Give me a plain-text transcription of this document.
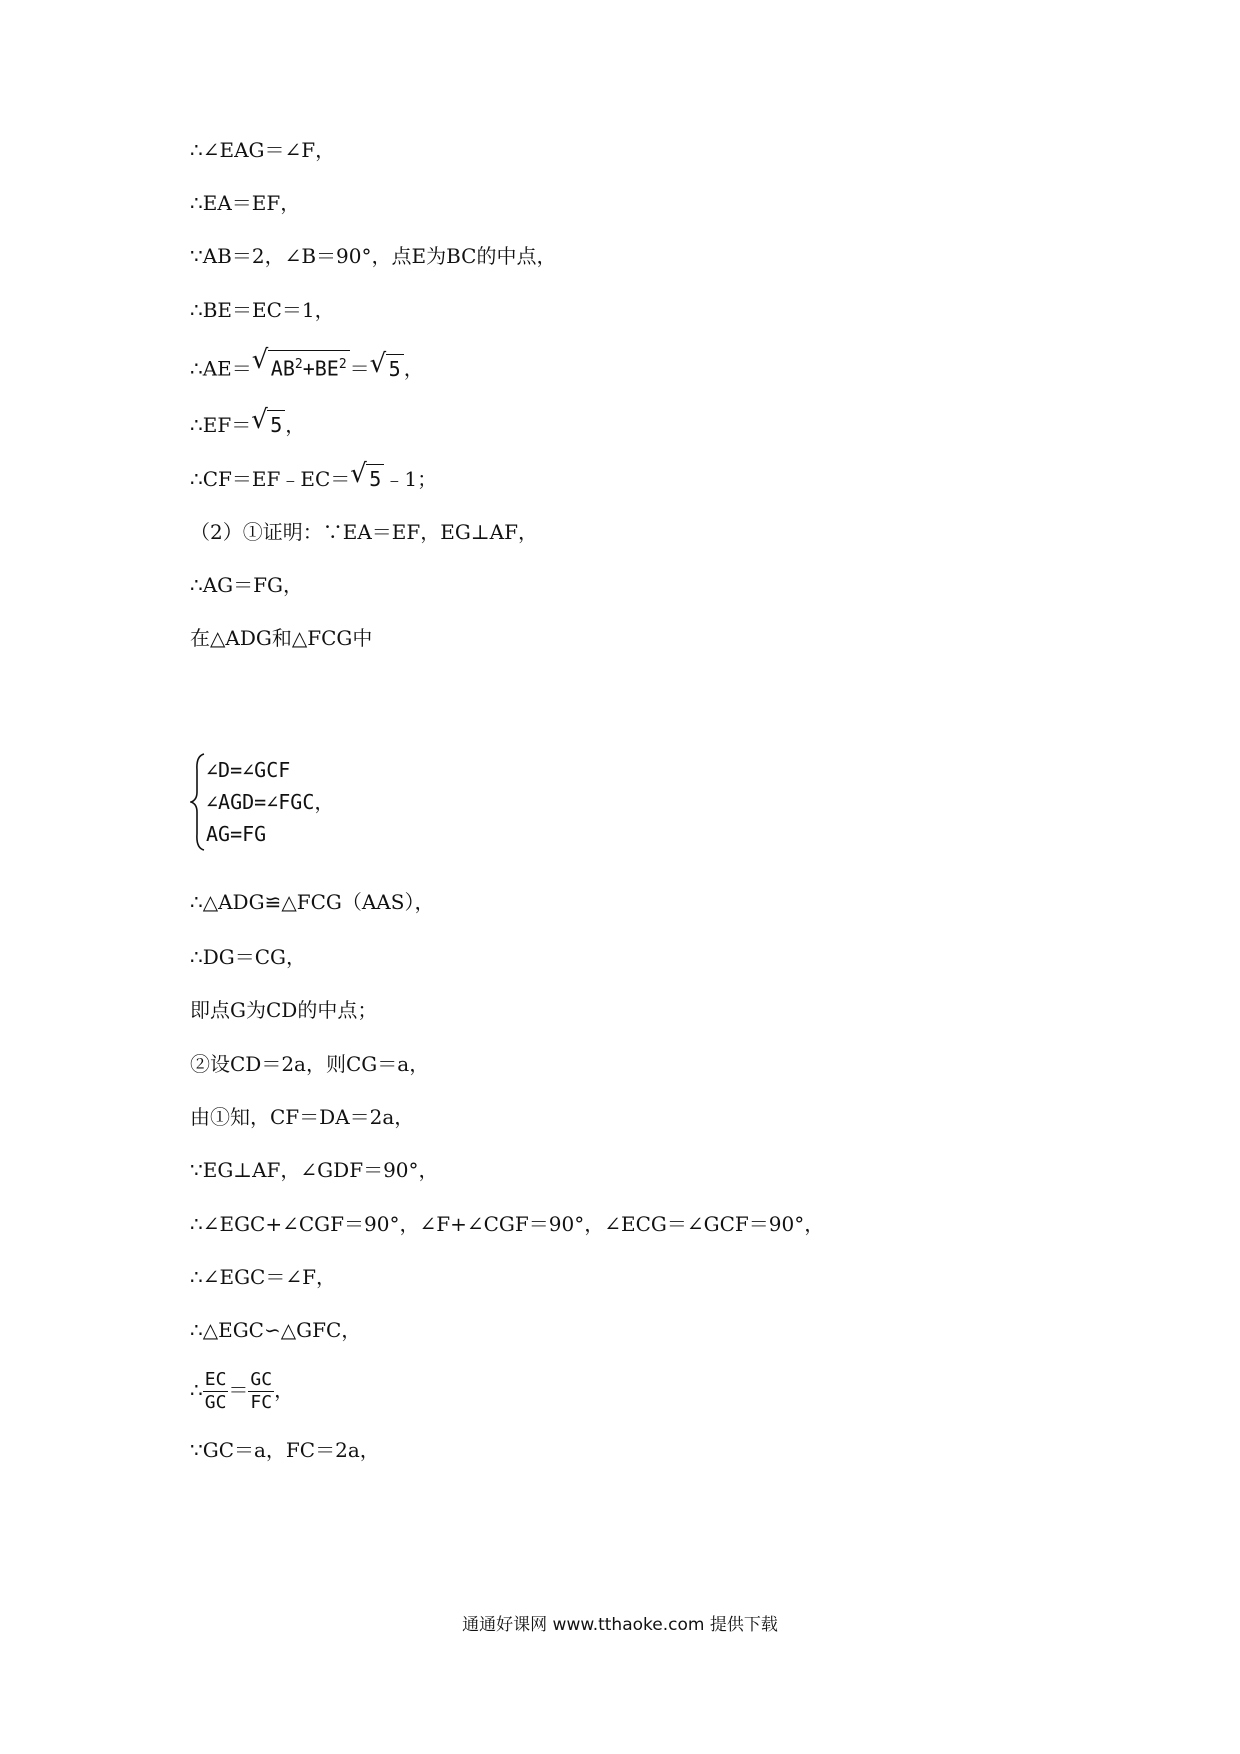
∴∠EAG＝∠F，
∴EA＝EF，
∵AB＝2，∠B＝90°，点E为BC的中点，
∴BE＝EC＝1，
∴AE＝ √ $AB^2+BE^2$ ＝ √ 5 ，
∴EF＝ √ 5 ，
∴CF＝EF﹣EC＝ √ 5 ﹣1；
（2）①证明：∵EA＝EF，EG⊥AF，
∴AG＝FG，
在△ADG和△FCG中
∠D=∠GCF
∠AGD=∠FGC，
AG=FG
∴△ADG≌△FCG（AAS），
∴DG＝CG，
即点G为CD的中点；
②设CD＝2a，则CG＝a，
由①知，CF＝DA＝2a，
∵EG⊥AF，∠GDF＝90°，
∴∠EGC+∠CGF＝90°，∠F+∠CGF＝90°，∠ECG＝∠GCF＝90°，
∴∠EGC＝∠F，
∴△EGC∽△GFC，
∴ $\frac{EC}{GC} = \frac{GC}{FC}$ ，
∵GC＝a，FC＝2a，
通通好课网 www.tthaoke.com 提供下载
